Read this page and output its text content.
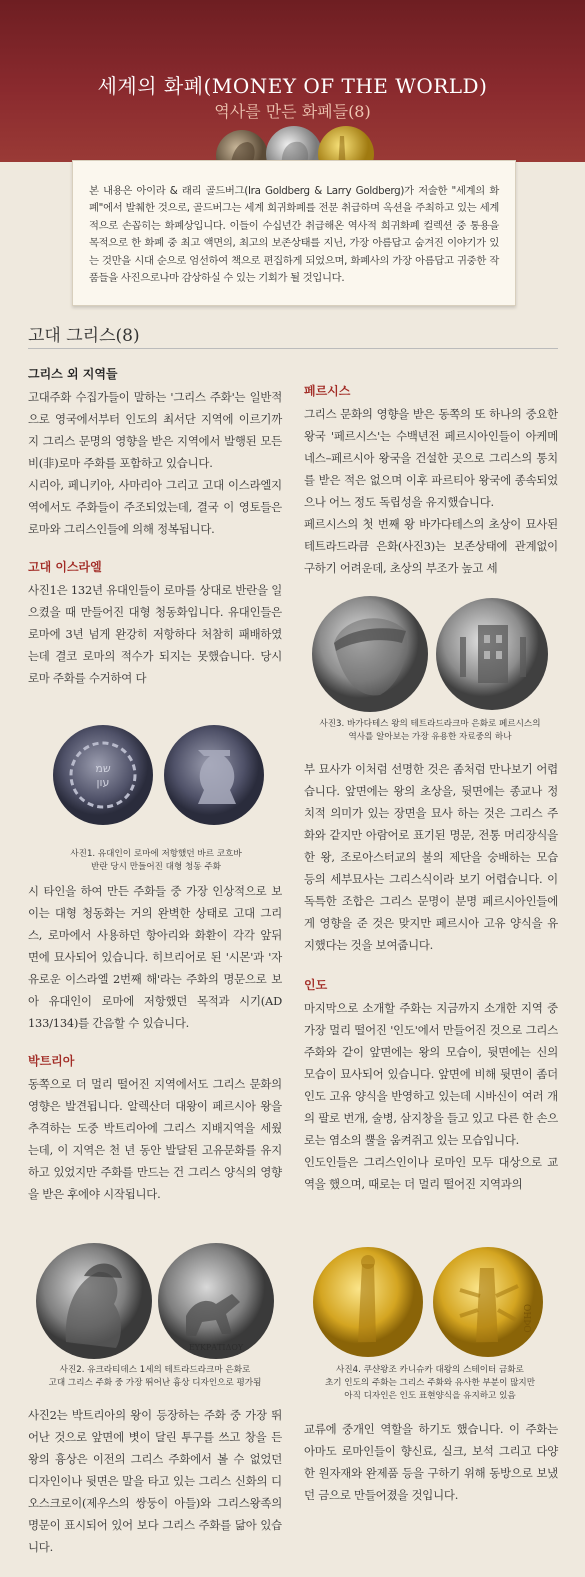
세계의 화폐(MONEY OF THE WORLD)
역사를 만든 화폐들(8)

본 내용은 아이라 & 래리 골드버그(Ira Goldberg & Larry Goldberg)가 저술한 "세계의 화폐"에서 발췌한 것으로, 골드버그는 세계 희귀화폐를 전문 취급하며 옥션을 주최하고 있는 세계적으로 손꼽히는 화폐상입니다. 이들이 수십년간 취급해온 역사적 희귀화폐 컬렉션 중 통용을 목적으로 한 화폐 중 최고 액면의, 최고의 보존상태를 지닌, 가장 아름답고 숨겨진 이야기가 있는 것만을 시대 순으로 엄선하여 책으로 편집하게 되었으며, 화폐사의 가장 아름답고 귀중한 작품들을 사진으로나마 감상하실 수 있는 기회가 될 것입니다.

고대 그리스(8)

그리스 외 지역들

고대주화 수집가들이 말하는 '그리스 주화'는 일반적으로 영국에서부터 인도의 최서단 지역에 이르기까지 그리스 문명의 영향을 받은 지역에서 발행된 모든 비(非)로마 주화를 포함하고 있습니다.

시리아, 페니키아, 사마리아 그리고 고대 이스라엘지역에서도 주화들이 주조되었는데, 결국 이 영토들은 로마와 그리스인들에 의해 정복됩니다.

고대 이스라엘

사진1은 132년 유대인들이 로마를 상대로 반란을 일으켰을 때 만들어진 대형 청동화입니다. 유대인들은 로마에 3년 넘게 완강히 저항하다 처참히 패배하였는데 결코 로마의 적수가 되지는 못했습니다. 당시 로마 주화를 수거하여 다

שמ
עון
사진1. 유대인이 로마에 저항했던 바르 코흐바
반란 당시 만들어진 대형 청동 주화

시 타인을 하여 만든 주화들 중 가장 인상적으로 보이는 대형 청동화는 거의 완벽한 상태로 고대 그리스, 로마에서 사용하던 항아리와 화환이 각각 앞뒤 면에 묘사되어 있습니다. 히브리어로 된 '시몬'과 '자유로운 이스라엘 2번째 해'라는 주화의 명문으로 보아 유대인이 로마에 저항했던 목적과 시기(AD 133/134)를 간음할 수 있습니다.

박트리아

동쪽으로 더 멀리 떨어진 지역에서도 그리스 문화의 영향은 발견됩니다. 알렉산더 대왕이 페르시아 왕을 추격하는 도중 박트리아에 그리스 지배지역을 세웠는데, 이 지역은 천 년 동안 발달된 고유문화를 유지하고 있었지만 주화를 만드는 건 그리스 양식의 영향을 받은 후에야 시작됩니다.

ΕΥΚΡΑΤΙΔΟΥ
사진2. 유크라티데스 1세의 테트라드라크마 은화로
고대 그리스 주화 중 가장 뛰어난 흉상 디자인으로 평가됨

사진2는 박트리아의 왕이 등장하는 주화 중 가장 뛰어난 것으로 앞면에 볏이 달린 투구를 쓰고 창을 든 왕의 흉상은 이전의 그리스 주화에서 볼 수 없었던 디자인이나 뒷면은 말을 타고 있는 그리스 신화의 디오스크로이(제우스의 쌍둥이 아들)와 그리스왕족의 명문이 표시되어 있어 보다 그리스 주화를 닮아 있습니다.

페르시스

그리스 문화의 영향을 받은 동쪽의 또 하나의 중요한 왕국 '페르시스'는 수백년전 페르시아인들이 아케메네스–페르시아 왕국을 건설한 곳으로 그리스의 통치를 받은 적은 없으며 이후 파르티아 왕국에 종속되었으나 어느 정도 독립성을 유지했습니다.

페르시스의 첫 번째 왕 바가다테스의 초상이 묘사된 테트라드라큼 은화(사진3)는 보존상태에 관계없이 구하기 어려운데, 초상의 부조가 높고 세

사진3. 바가다테스 왕의 테트라드라크마 은화로 페르시스의
역사를 알아보는 가장 유용한 자료중의 하나

부 묘사가 이처럼 선명한 것은 좀처럼 만나보기 어렵습니다. 앞면에는 왕의 초상을, 뒷면에는 종교나 정치적 의미가 있는 장면을 묘사 하는 것은 그리스 주화와 같지만 아람어로 표기된 명문, 전통 머리장식을 한 왕, 조로아스터교의 불의 제단을 숭배하는 모습 등의 세부묘사는 그리스식이라 보기 어렵습니다. 이 독특한 조합은 그리스 문명이 분명 페르시아인들에게 영향을 준 것은 맞지만 페르시아 고유 양식을 유지했다는 것을 보여줍니다.

인도

마지막으로 소개할 주화는 지금까지 소개한 지역 중 가장 멀리 떨어진 '인도'에서 만들어진 것으로 그리스 주화와 같이 앞면에는 왕의 모습이, 뒷면에는 신의 모습이 묘사되어 있습니다. 앞면에 비해 뒷면이 좀더 인도 고유 양식을 반영하고 있는데 시바신이 여러 개의 팔로 번개, 술병, 삼지창을 들고 있고 다른 한 손으로는 염소의 뿔을 움켜쥐고 있는 모습입니다.

인도인들은 그리스인이나 로마인 모두 대상으로 교역을 했으며, 때로는 더 멀리 떨어진 지역과의

ΟΗϷΟ
사진4. 쿠샨왕조 카니슈카 대왕의 스테이터 금화로
초기 인도의 주화는 그리스 주화와 유사한 부분이 많지만
아직 디자인은 인도 표현양식을 유지하고 있음

교류에 중개인 역할을 하기도 했습니다. 이 주화는 아마도 로마인들이 향신료, 실크, 보석 그리고 다양한 원자재와 완제품 등을 구하기 위해 동방으로 보냈던 금으로 만들어졌을 것입니다.
